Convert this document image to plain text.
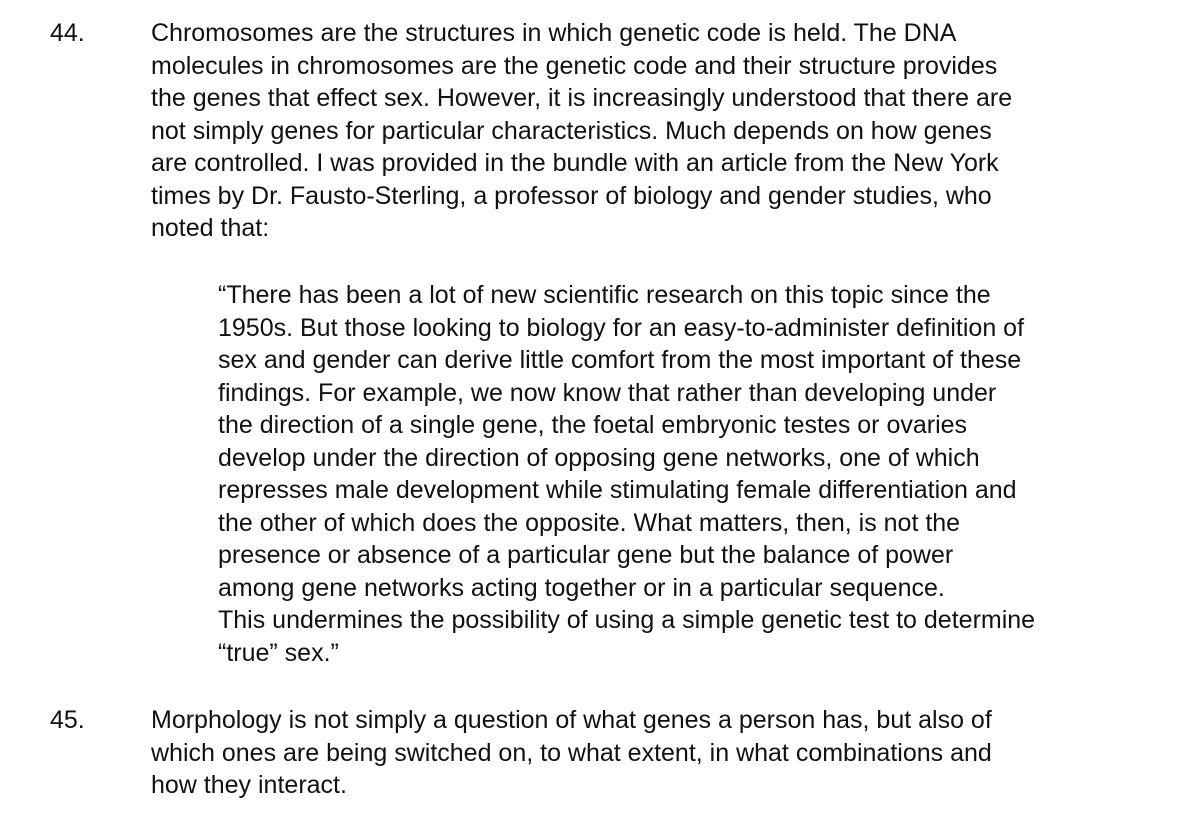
44.	Chromosomes are the structures in which genetic code is held. The DNA
molecules in chromosomes are the genetic code and their structure provides
the genes that effect sex. However, it is increasingly understood that there are
not simply genes for particular characteristics. Much depends on how genes
are controlled. I was provided in the bundle with an article from the New York
times by Dr. Fausto-Sterling, a professor of biology and gender studies, who
noted that:
“There has been a lot of new scientific research on this topic since the
1950s. But those looking to biology for an easy-to-administer definition of
sex and gender can derive little comfort from the most important of these
findings. For example, we now know that rather than developing under
the direction of a single gene, the foetal embryonic testes or ovaries
develop under the direction of opposing gene networks, one of which
represses male development while stimulating female differentiation and
the other of which does the opposite. What matters, then, is not the
presence or absence of a particular gene but the balance of power
among gene networks acting together or in a particular sequence.
This undermines the possibility of using a simple genetic test to determine
“true” sex.”
45.	Morphology is not simply a question of what genes a person has, but also of
which ones are being switched on, to what extent, in what combinations and
how they interact.
